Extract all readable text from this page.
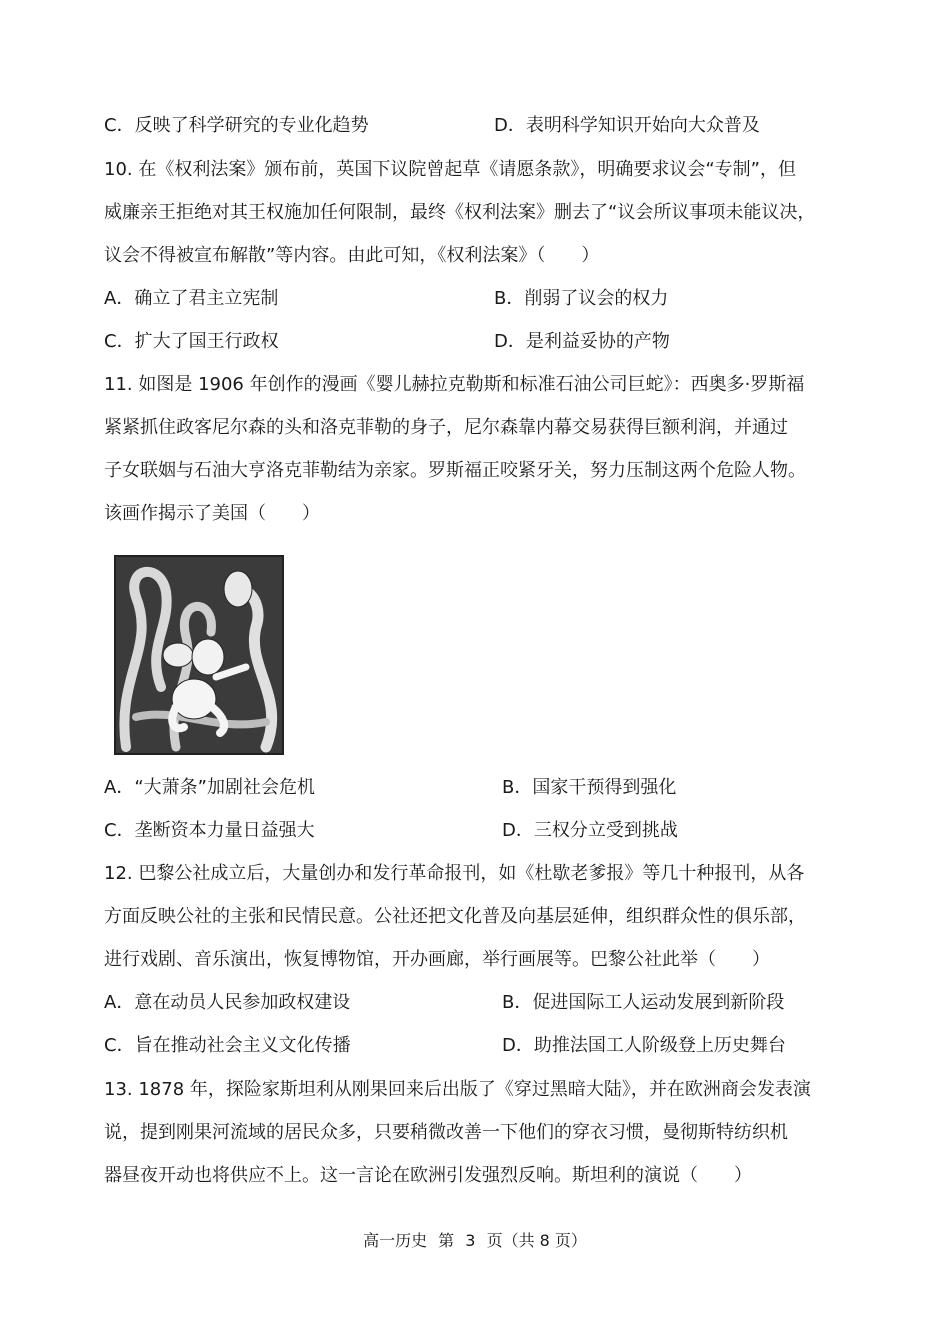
C．反映了科学研究的专业化趋势	D．表明科学知识开始向大众普及
10. 在《权利法案》颁布前，英国下议院曾起草《请愿条款》，明确要求议会“专制”，但
威廉亲王拒绝对其王权施加任何限制，最终《权利法案》删去了“议会所议事项未能议决，
议会不得被宣布解散”等内容。由此可知，《权利法案》（　　）
A．确立了君主立宪制	B．削弱了议会的权力
C．扩大了国王行政权	D．是利益妥协的产物
11. 如图是 1906 年创作的漫画《婴儿赫拉克勒斯和标准石油公司巨蛇》：西奥多·罗斯福
紧紧抓住政客尼尔森的头和洛克菲勒的身子，尼尔森靠内幕交易获得巨额利润，并通过
子女联姻与石油大亨洛克菲勒结为亲家。罗斯福正咬紧牙关，努力压制这两个危险人物。
该画作揭示了美国（　　）
A．“大萧条”加剧社会危机	B．国家干预得到强化
C．垄断资本力量日益强大	D．三权分立受到挑战
12. 巴黎公社成立后，大量创办和发行革命报刊，如《杜歇老爹报》等几十种报刊，从各
方面反映公社的主张和民情民意。公社还把文化普及向基层延伸，组织群众性的俱乐部，
进行戏剧、音乐演出，恢复博物馆，开办画廊，举行画展等。巴黎公社此举（　　）
A．意在动员人民参加政权建设	B．促进国际工人运动发展到新阶段
C．旨在推动社会主义文化传播	D．助推法国工人阶级登上历史舞台
13. 1878 年，探险家斯坦利从刚果回来后出版了《穿过黑暗大陆》，并在欧洲商会发表演
说，提到刚果河流域的居民众多，只要稍微改善一下他们的穿衣习惯，曼彻斯特纺织机
器昼夜开动也将供应不上。这一言论在欧洲引发强烈反响。斯坦利的演说（　　）
高一历史 第 3 页（共 8 页）
